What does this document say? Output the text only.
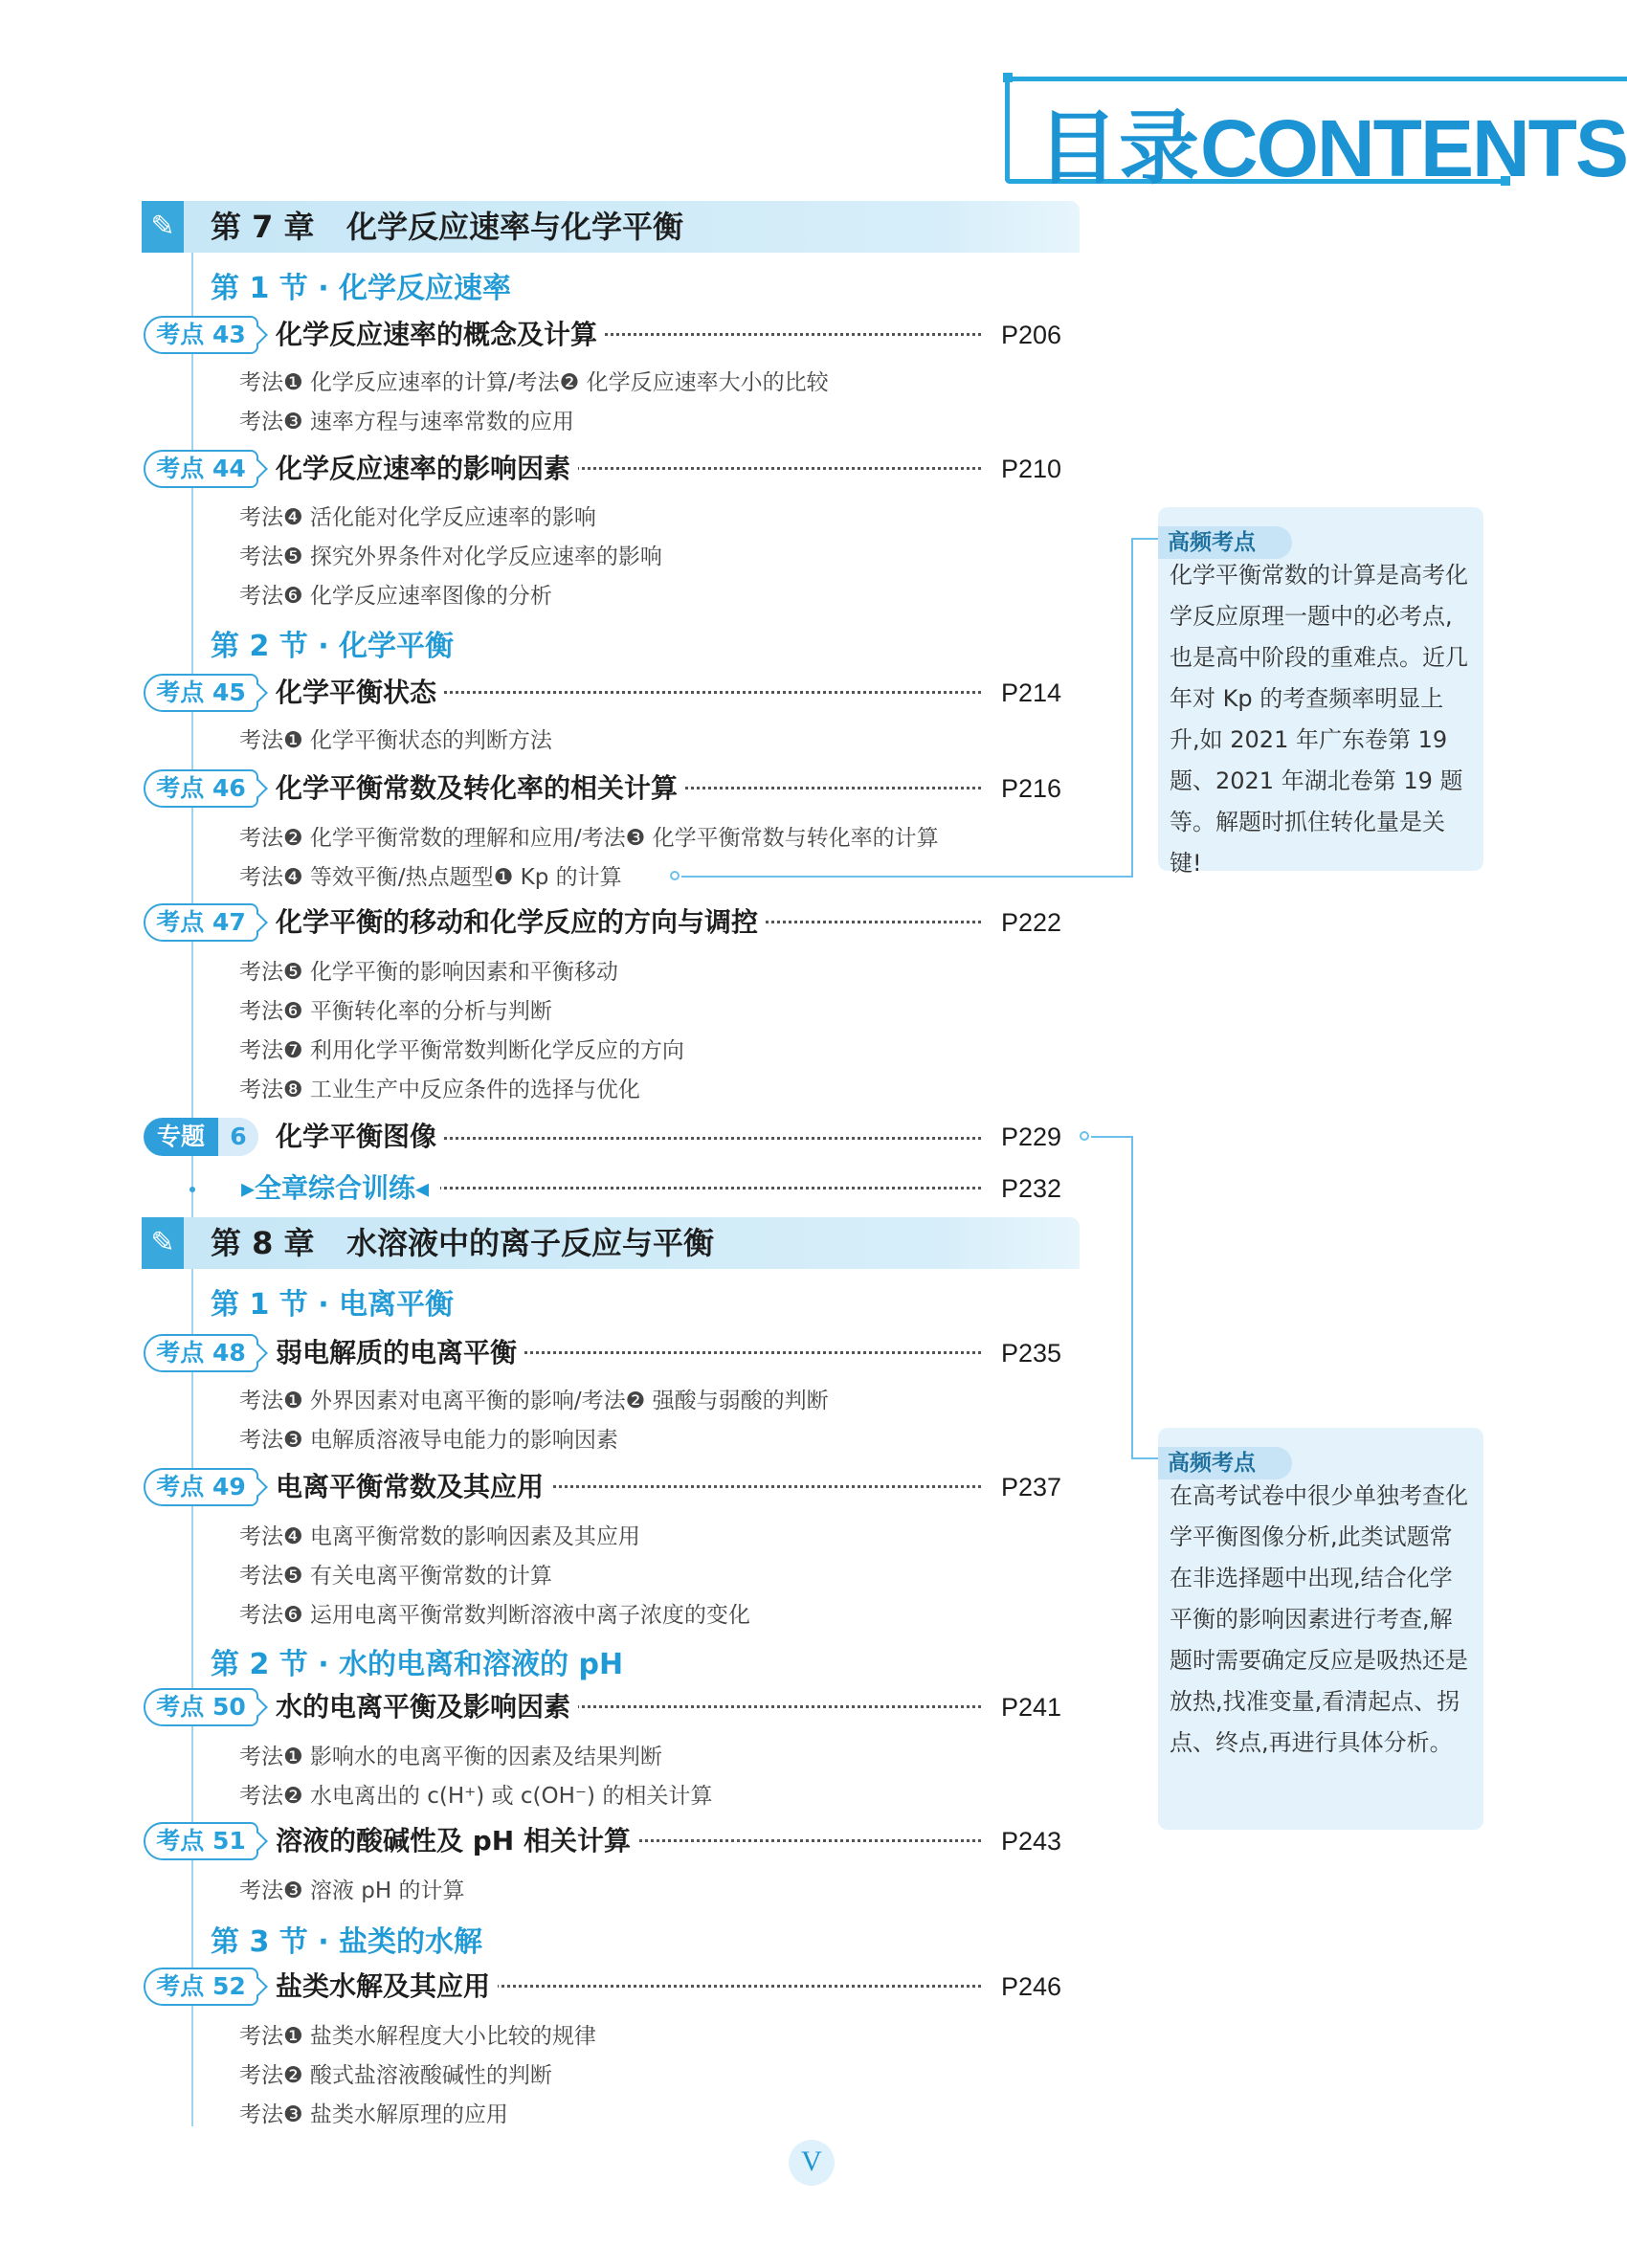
目录CONTENTS
✎ 第 7 章 化学反应速率与化学平衡
第 1 节 · 化学反应速率
考点 43	化学反应速率的概念及计算	P206
考法❶ 化学反应速率的计算/考法❷ 化学反应速率大小的比较
考法❸ 速率方程与速率常数的应用
考点 44	化学反应速率的影响因素	P210
考法❹ 活化能对化学反应速率的影响
考法❺ 探究外界条件对化学反应速率的影响
考法❻ 化学反应速率图像的分析
第 2 节 · 化学平衡
考点 45	化学平衡状态	P214
考法❶ 化学平衡状态的判断方法
考点 46	化学平衡常数及转化率的相关计算	P216
考法❷ 化学平衡常数的理解和应用/考法❸ 化学平衡常数与转化率的计算
考法❹ 等效平衡/热点题型❶ Kp 的计算
考点 47	化学平衡的移动和化学反应的方向与调控	P222
考法❺ 化学平衡的影响因素和平衡移动
考法❻ 平衡转化率的分析与判断
考法❼ 利用化学平衡常数判断化学反应的方向
考法❽ 工业生产中反应条件的选择与优化
专题	6	化学平衡图像	P229
▸全章综合训练◂	P232
✎ 第 8 章 水溶液中的离子反应与平衡
第 1 节 · 电离平衡
考点 48	弱电解质的电离平衡	P235
考法❶ 外界因素对电离平衡的影响/考法❷ 强酸与弱酸的判断
考法❸ 电解质溶液导电能力的影响因素
考点 49	电离平衡常数及其应用	P237
考法❹ 电离平衡常数的影响因素及其应用
考法❺ 有关电离平衡常数的计算
考法❻ 运用电离平衡常数判断溶液中离子浓度的变化
第 2 节 · 水的电离和溶液的 pH
考点 50	水的电离平衡及影响因素	P241
考法❶ 影响水的电离平衡的因素及结果判断
考法❷ 水电离出的 c(H⁺) 或 c(OH⁻) 的相关计算
考点 51	溶液的酸碱性及 pH 相关计算	P243
考法❸ 溶液 pH 的计算
第 3 节 · 盐类的水解
考点 52	盐类水解及其应用	P246
考法❶ 盐类水解程度大小比较的规律
考法❷ 酸式盐溶液酸碱性的判断
考法❸ 盐类水解原理的应用
高频考点
化学平衡常数的计算是高考化学反应原理一题中的必考点,也是高中阶段的重难点。近几年对 Kp 的考查频率明显上升,如 2021 年广东卷第 19 题、2021 年湖北卷第 19 题等。解题时抓住转化量是关键!
高频考点
在高考试卷中很少单独考查化学平衡图像分析,此类试题常在非选择题中出现,结合化学平衡的影响因素进行考查,解题时需要确定反应是吸热还是放热,找准变量,看清起点、拐点、终点,再进行具体分析。
V
